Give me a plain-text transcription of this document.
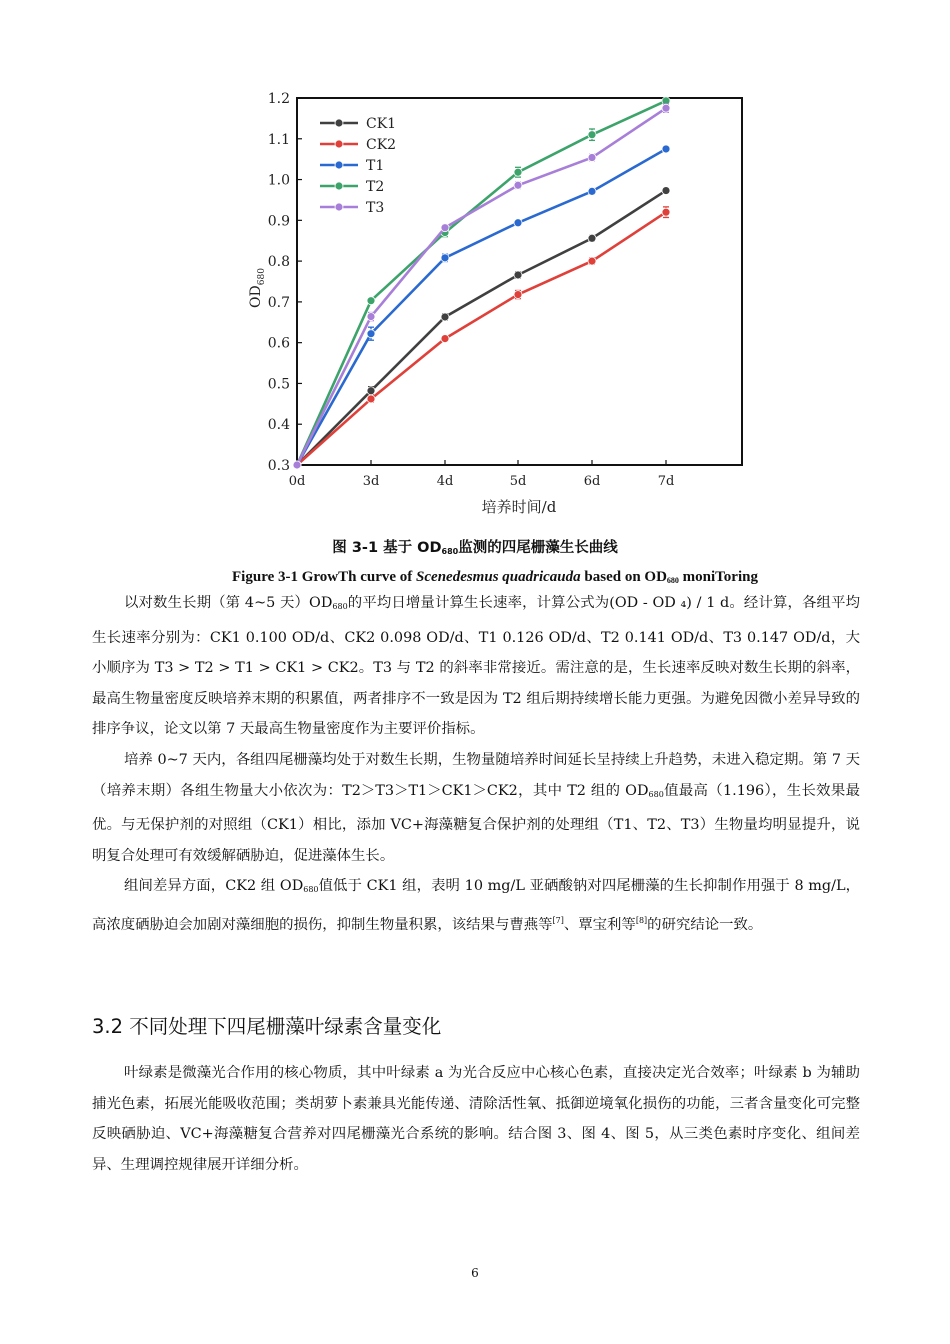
0.3
0.4
0.5
0.6
0.7
0.8
0.9
1.0
1.1
1.2
0d	3d	4d	5d	6d	7d
CK1
CK2
T1
T2
T3
培养时间/d
$OD_{680}$
图 3-1 基于 $OD_{680}$监测的四尾栅藻生长曲线
Figure 3-1 GrowTh curve of Scenedesmus quadricauda based on $OD_{680}$ moniToring

以对数生长期（第 4~5 天）$OD_{680}$的平均日增量计算生长速率，计算公式为(OD - OD ₄) / 1 d。经计算，各组平均生长速率分别为：CK1 0.100 OD/d、CK2 0.098 OD/d、T1 0.126 OD/d、T2 0.141 OD/d、T3 0.147 OD/d，大小顺序为 T3 > T2 > T1 > CK1 > CK2。T3 与 T2 的斜率非常接近。需注意的是，生长速率反映对数生长期的斜率，最高生物量密度反映培养末期的积累值，两者排序不一致是因为 T2 组后期持续增长能力更强。为避免因微小差异导致的排序争议，论文以第 7 天最高生物量密度作为主要评价指标。

培养 0~7 天内，各组四尾栅藻均处于对数生长期，生物量随培养时间延长呈持续上升趋势，未进入稳定期。第 7 天（培养末期）各组生物量大小依次为：T2＞T3＞T1＞CK1＞CK2，其中 T2 组的 $OD_{680}$值最高（1.196），生长效果最优。与无保护剂的对照组（CK1）相比，添加 VC+海藻糖复合保护剂的处理组（T1、T2、T3）生物量均明显提升，说明复合处理可有效缓解硒胁迫，促进藻体生长。

组间差异方面，CK2 组 $OD_{680}$值低于 CK1 组，表明 10 mg/L 亚硒酸钠对四尾栅藻的生长抑制作用强于 8 mg/L，高浓度硒胁迫会加剧对藻细胞的损伤，抑制生物量积累，该结果与曹燕等[7]、覃宝利等[8]的研究结论一致。

3.2 不同处理下四尾栅藻叶绿素含量变化

叶绿素是微藻光合作用的核心物质，其中叶绿素 a 为光合反应中心核心色素，直接决定光合效率；叶绿素 b 为辅助捕光色素，拓展光能吸收范围；类胡萝卜素兼具光能传递、清除活性氧、抵御逆境氧化损伤的功能，三者含量变化可完整反映硒胁迫、VC+海藻糖复合营养对四尾栅藻光合系统的影响。结合图 3、图 4、图 5，从三类色素时序变化、组间差异、生理调控规律展开详细分析。

6
